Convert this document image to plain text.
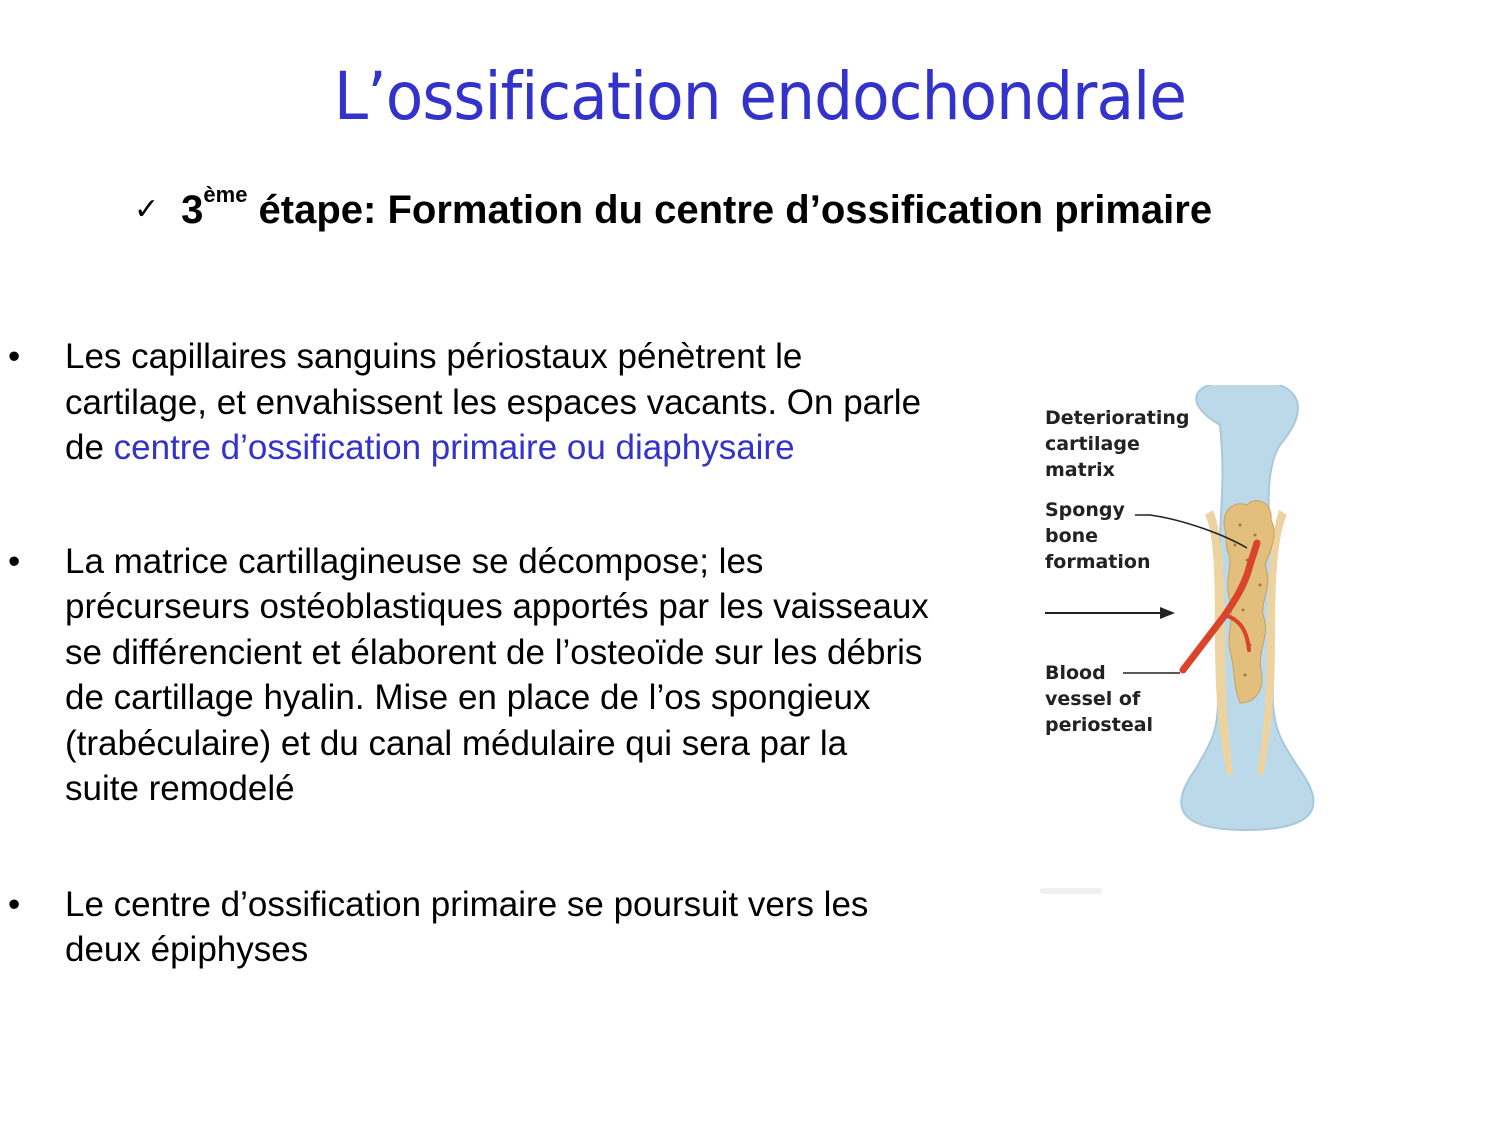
L’ossification endochondrale

✓ 3ème étape: Formation du centre d’ossification primaire

• Les capillaires sanguins périostaux pénètrent le cartilage, et envahissent les espaces vacants. On parle de centre d’ossification primaire ou diaphysaire
• La matrice cartillagineuse se décompose; les précurseurs ostéoblastiques apportés par les vaisseaux se différencient et élaborent de l’osteoïde sur les débris de cartillage hyalin. Mise en place de l’os spongieux (trabéculaire) et du canal médulaire qui sera par la suite remodelé
• Le centre d’ossification primaire se poursuit vers les deux épiphyses
Deteriorating
cartilage
matrix
Spongy
bone
formation
Blood
vessel of
periosteal
